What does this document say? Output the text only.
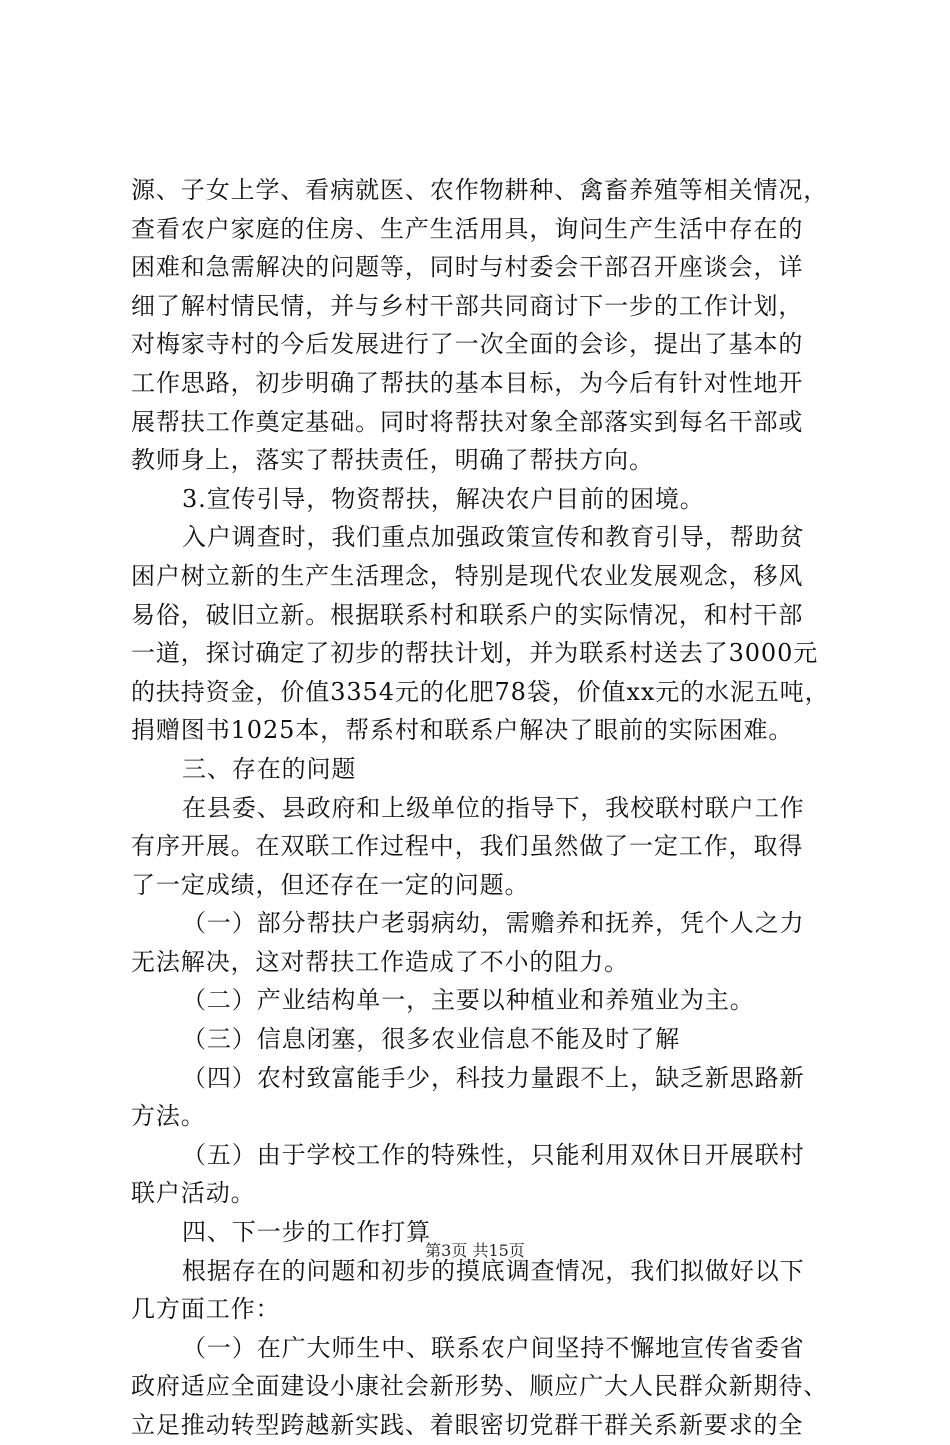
源、子女上学、看病就医、农作物耕种、禽畜养殖等相关情况，
查看农户家庭的住房、生产生活用具，询问生产生活中存在的
困难和急需解决的问题等，同时与村委会干部召开座谈会，详
细了解村情民情，并与乡村干部共同商讨下一步的工作计划，
对梅家寺村的今后发展进行了一次全面的会诊，提出了基本的
工作思路，初步明确了帮扶的基本目标，为今后有针对性地开
展帮扶工作奠定基础。同时将帮扶对象全部落实到每名干部或
教师身上，落实了帮扶责任，明确了帮扶方向。
3.宣传引导，物资帮扶，解决农户目前的困境。
入户调查时，我们重点加强政策宣传和教育引导，帮助贫
困户树立新的生产生活理念，特别是现代农业发展观念，移风
易俗，破旧立新。根据联系村和联系户的实际情况，和村干部
一道，探讨确定了初步的帮扶计划，并为联系村送去了3000元
的扶持资金，价值3354元的化肥78袋，价值xx元的水泥五吨，
捐赠图书1025本，帮系村和联系户解决了眼前的实际困难。
三、存在的问题
在县委、县政府和上级单位的指导下，我校联村联户工作
有序开展。在双联工作过程中，我们虽然做了一定工作，取得
了一定成绩，但还存在一定的问题。
（一）部分帮扶户老弱病幼，需赡养和抚养，凭个人之力
无法解决，这对帮扶工作造成了不小的阻力。
（二）产业结构单一，主要以种植业和养殖业为主。
（三）信息闭塞，很多农业信息不能及时了解
（四）农村致富能手少，科技力量跟不上，缺乏新思路新
方法。
（五）由于学校工作的特殊性，只能利用双休日开展联村
联户活动。
四、下一步的工作打算
根据存在的问题和初步的摸底调查情况，我们拟做好以下
几方面工作：
（一）在广大师生中、联系农户间坚持不懈地宣传省委省
政府适应全面建设小康社会新形势、顺应广大人民群众新期待、
立足推动转型跨越新实践、着眼密切党群干群关系新要求的全
第3页 共15页
